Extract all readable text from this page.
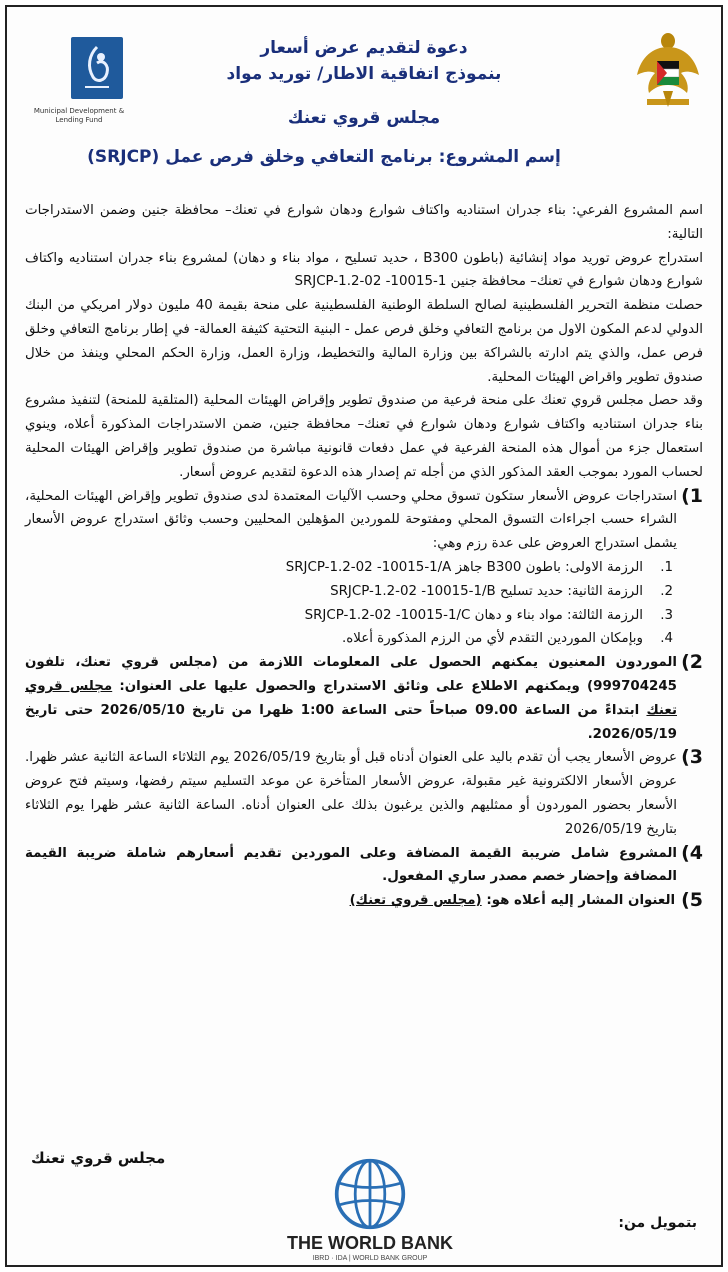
Municipal Development & Lending Fund
دعوة لتقديم عرض أسعار
بنموذج اتفاقية الاطار/ توريد مواد
مجلس قروي تعنك
إسم المشروع: برنامج التعافي وخلق فرص عمل (SRJCP)

اسم المشروع الفرعي: بناء جدران استناديه واكتاف شوارع ودهان شوارع في تعنك– محافظة جنين وضمن الاستدراجات التالية:

استدراج عروض توريد مواد إنشائية (باطون B300 ، حديد تسليح ، مواد بناء و دهان) لمشروع بناء جدران استناديه واكتاف شوارع ودهان شوارع في تعنك– محافظة جنين SRJCP-1.2-02 -10015-1

حصلت منظمة التحرير الفلسطينية لصالح السلطة الوطنية الفلسطينية على منحة بقيمة 40 مليون دولار امريكي من البنك الدولي لدعم المكون الاول من برنامج التعافي وخلق فرص عمل - البنية التحتية كثيفة العمالة- في إطار برنامج التعافي وخلق فرص عمل، والذي يتم ادارته بالشراكة بين وزارة المالية والتخطيط، وزارة العمل، وزارة الحكم المحلي وينفذ من خلال صندوق تطوير واقراض الهيئات المحلية.

وقد حصل مجلس قروي تعنك على منحة فرعية من صندوق تطوير وإقراض الهيئات المحلية (المتلقية للمنحة) لتنفيذ مشروع بناء جدران استناديه واكتاف شوارع ودهان شوارع في تعنك– محافظة جنين، ضمن الاستدراجات المذكورة أعلاه، وينوي استعمال جزء من أموال هذه المنحة الفرعية في عمل دفعات قانونية مباشرة من صندوق تطوير وإقراض الهيئات المحلية لحساب المورد بموجب العقد المذكور الذي من أجله تم إصدار هذه الدعوة لتقديم عروض أسعار.

1)
استدراجات عروض الأسعار ستكون تسوق محلي وحسب الآليات المعتمدة لدى صندوق تطوير وإقراض الهيئات المحلية، الشراء حسب اجراءات التسوق المحلي ومفتوحة للموردين المؤهلين المحليين وحسب وثائق استدراج عروض الأسعار يشمل استدراج العروض على عدة رزم وهي:
1.
الرزمة الاولى: باطون B300 جاهز SRJCP-1.2-02 -10015-1/A
2.
الرزمة الثانية: حديد تسليح SRJCP-1.2-02 -10015-1/B
3.
الرزمة الثالثة: مواد بناء و دهان SRJCP-1.2-02 -10015-1/C
4.
وبإمكان الموردين التقدم لأي من الرزم المذكورة أعلاه.
2)
الموردون المعنيون يمكنهم الحصول على المعلومات اللازمة من (مجلس قروي تعنك، تلفون 999704245) ويمكنهم الاطلاع على وثائق الاستدراج والحصول عليها على العنوان: مجلس قروي تعنك ابتداءً من الساعة 09.00 صباحاً حتى الساعة 1:00 ظهرا من تاريخ 2026/05/10 حتى تاريخ 2026/05/19.
3)
عروض الأسعار يجب أن تقدم باليد على العنوان أدناه قبل أو بتاريخ 2026/05/19 يوم الثلاثاء الساعة الثانية عشر ظهرا. عروض الأسعار الالكترونية غير مقبولة، عروض الأسعار المتأخرة عن موعد التسليم سيتم رفضها، وسيتم فتح عروض الأسعار بحضور الموردون أو ممثليهم والذين يرغبون بذلك على العنوان أدناه. الساعة الثانية عشر ظهرا يوم الثلاثاء بتاريخ 2026/05/19
4)
المشروع شامل ضريبة القيمة المضافة وعلى الموردين تقديم أسعارهم شاملة ضريبة القيمة المضافة وإحضار خصم مصدر ساري المفعول.
5)
العنوان المشار إليه أعلاه هو: (مجلس قروي تعنك)
مجلس قروي تعنك
بتمويل من:
THE WORLD BANK
IBRD · IDA | WORLD BANK GROUP
